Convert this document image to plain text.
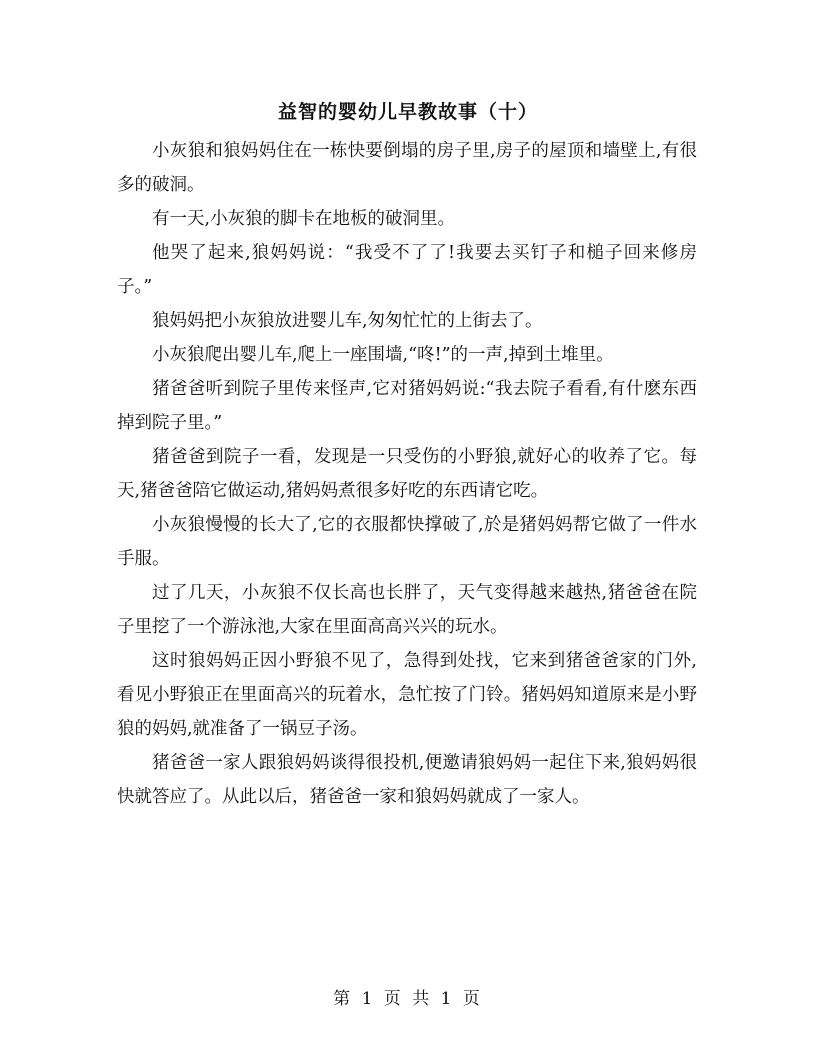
益智的婴幼儿早教故事（十）

小灰狼和狼妈妈住在一栋快要倒塌的房子里,房子的屋顶和墙壁上,有很多的破洞。

有一天,小灰狼的脚卡在地板的破洞里。

他哭了起来,狼妈妈说：“我受不了了!我要去买钉子和槌子回来修房子。”

狼妈妈把小灰狼放进婴儿车,匆匆忙忙的上街去了。

小灰狼爬出婴儿车,爬上一座围墙,“咚!”的一声,掉到土堆里。

猪爸爸听到院子里传来怪声,它对猪妈妈说:“我去院子看看,有什麽东西掉到院子里。”

猪爸爸到院子一看，发现是一只受伤的小野狼,就好心的收养了它。每天,猪爸爸陪它做运动,猪妈妈煮很多好吃的东西请它吃。

小灰狼慢慢的长大了,它的衣服都快撑破了,於是猪妈妈帮它做了一件水手服。

过了几天，小灰狼不仅长高也长胖了，天气变得越来越热,猪爸爸在院子里挖了一个游泳池,大家在里面高高兴兴的玩水。

这时狼妈妈正因小野狼不见了，急得到处找，它来到猪爸爸家的门外,看见小野狼正在里面高兴的玩着水，急忙按了门铃。猪妈妈知道原来是小野狼的妈妈,就准备了一锅豆子汤。

猪爸爸一家人跟狼妈妈谈得很投机,便邀请狼妈妈一起住下来,狼妈妈很快就答应了。从此以后，猪爸爸一家和狼妈妈就成了一家人。

第 1 页 共 1 页
